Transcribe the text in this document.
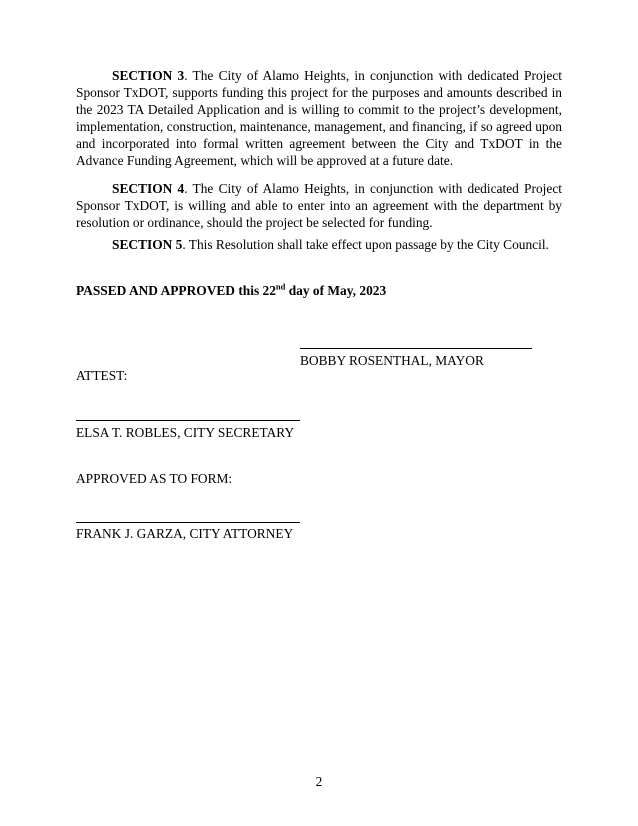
SECTION 3. The City of Alamo Heights, in conjunction with dedicated Project Sponsor TxDOT, supports funding this project for the purposes and amounts described in the 2023 TA Detailed Application and is willing to commit to the project’s development, implementation, construction, maintenance, management, and financing, if so agreed upon and incorporated into formal written agreement between the City and TxDOT in the Advance Funding Agreement, which will be approved at a future date.

SECTION 4. The City of Alamo Heights, in conjunction with dedicated Project Sponsor TxDOT, is willing and able to enter into an agreement with the department by resolution or ordinance, should the project be selected for funding.

SECTION 5. This Resolution shall take effect upon passage by the City Council.

PASSED AND APPROVED this 22nd day of May, 2023

BOBBY ROSENTHAL, MAYOR

ATTEST:

ELSA T. ROBLES, CITY SECRETARY

APPROVED AS TO FORM:

FRANK J. GARZA, CITY ATTORNEY

2
